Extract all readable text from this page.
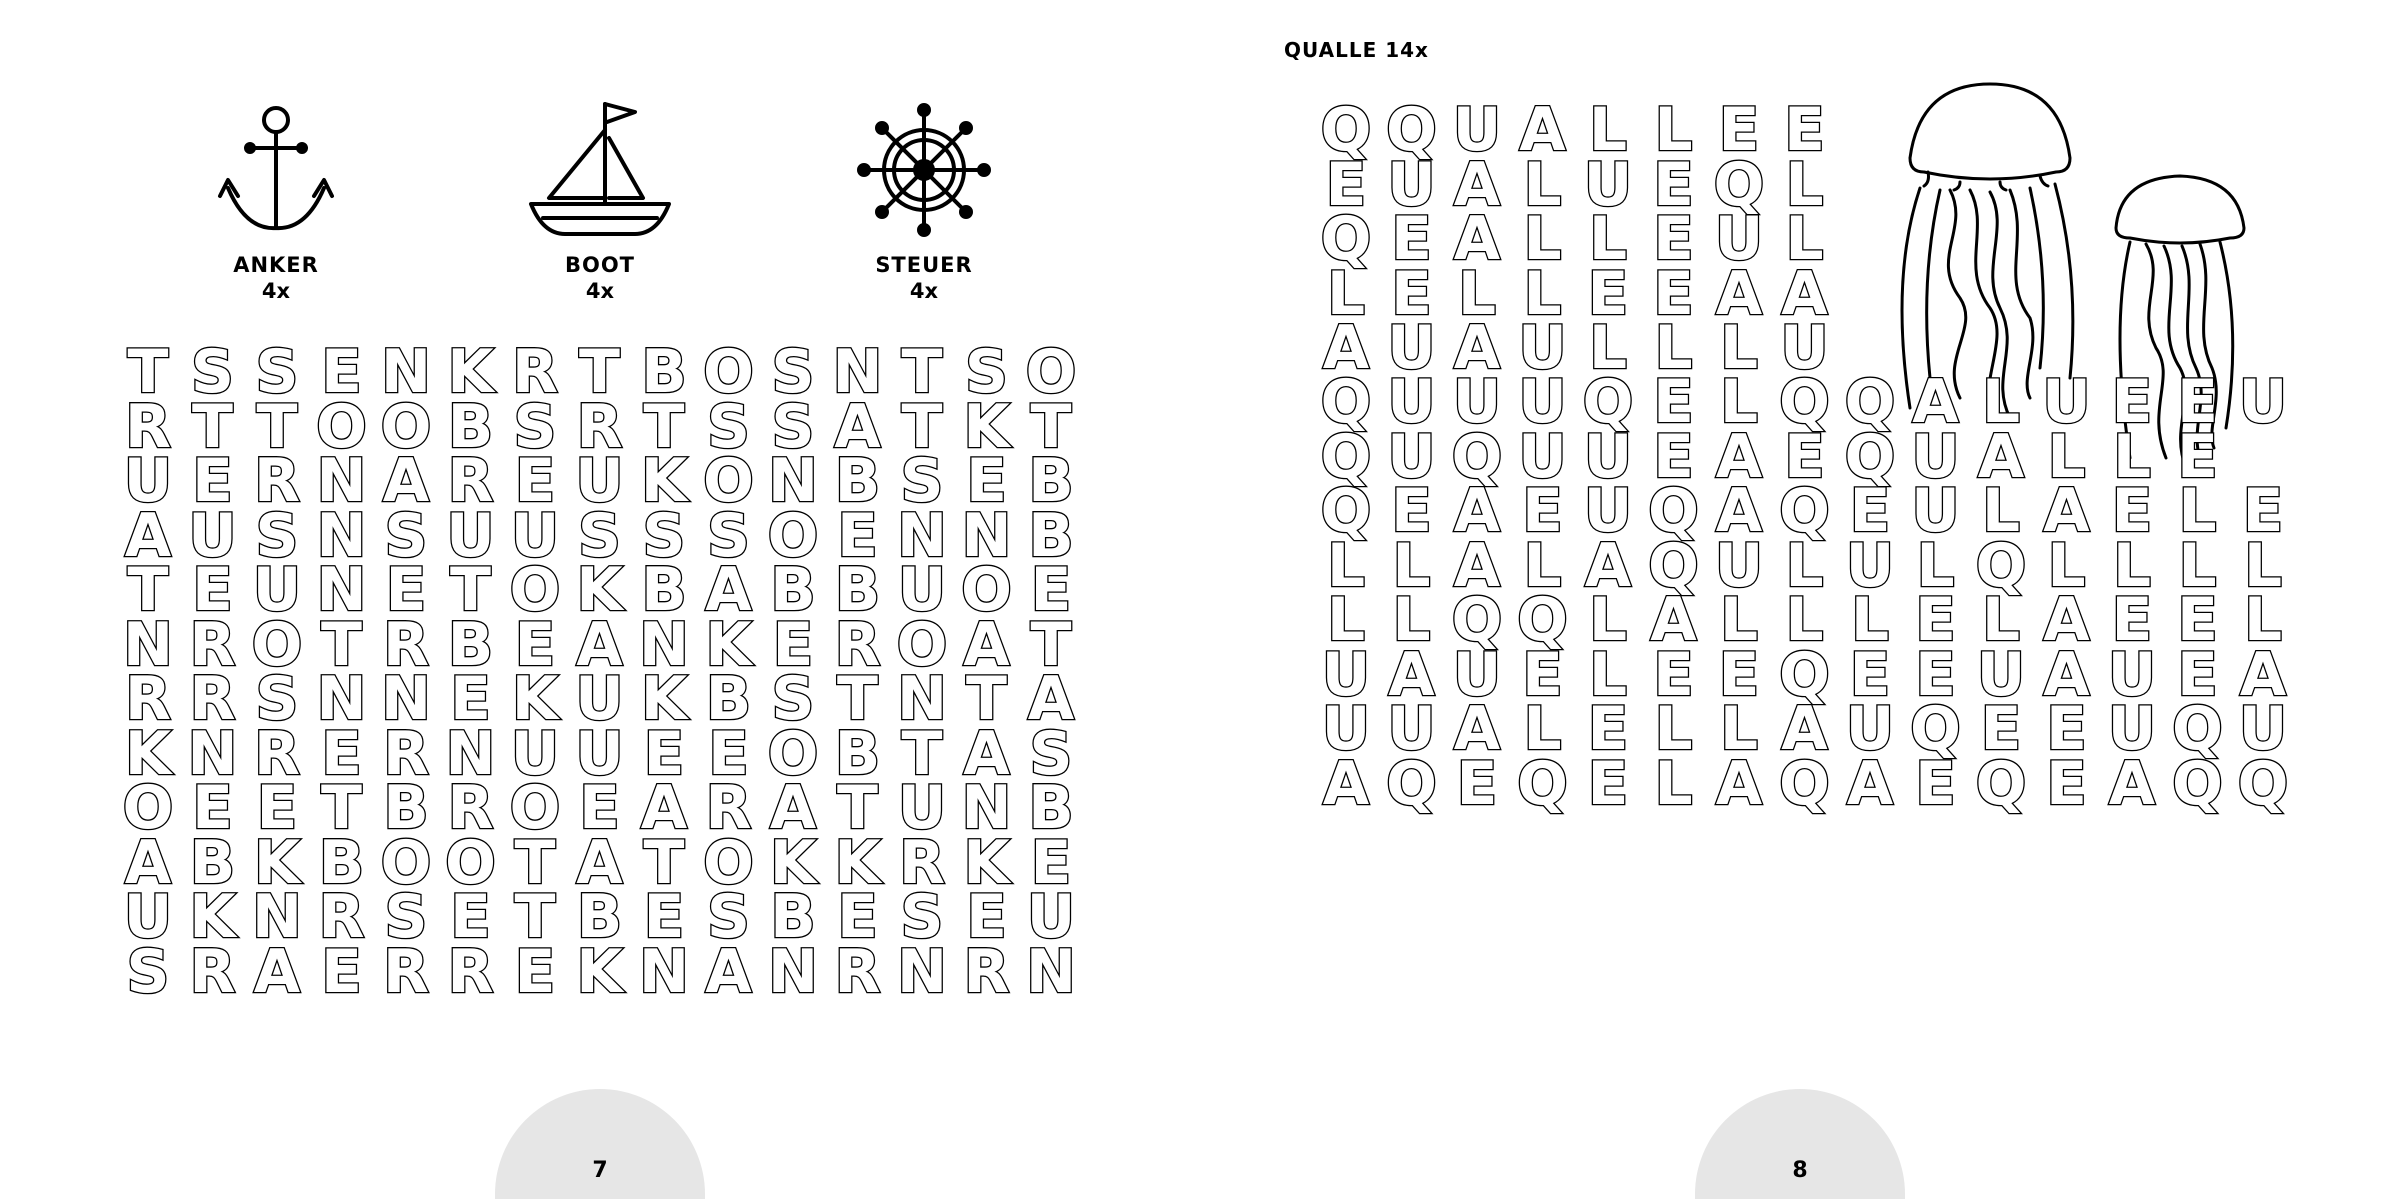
ANKER
4x
BOOT
4x
STEUER
4x
T S S E N K R T B O S N T S O
R T T O O B S R T S S A T K T
U E R N A R E U K O N B S E B
A U S N S U U S S S O E N N B
T E U N E T O K B A B B U O E
N R O T R B E A N K E R O A T
R R S N N E K U K B S T N T A
K N R E R N U U E E O B T A S
O E E T B R O E A R A T U N B
A B K B O O T A T O K K R K E
U K N R S E T B E S B E S E U
S R A E R R E K N A N R N R N
7
QUALLE 14x
Q Q U A L L E E
E U A L U E Q L
Q E A L L E U L
L E L L E E A A
A U A U L L L U
Q U U U Q E L Q Q A L U E E U
Q U Q U U E A E Q U A L L E
Q E A E U Q A Q E U L A E L E
L L A L A Q U L U L Q L L L L
L L Q Q L A L L L E L A E E L
U A U E L E E Q E E U A U E A
U U A L E L L A U Q E E U Q U
A Q E Q E L A Q A E Q E A Q Q
8
